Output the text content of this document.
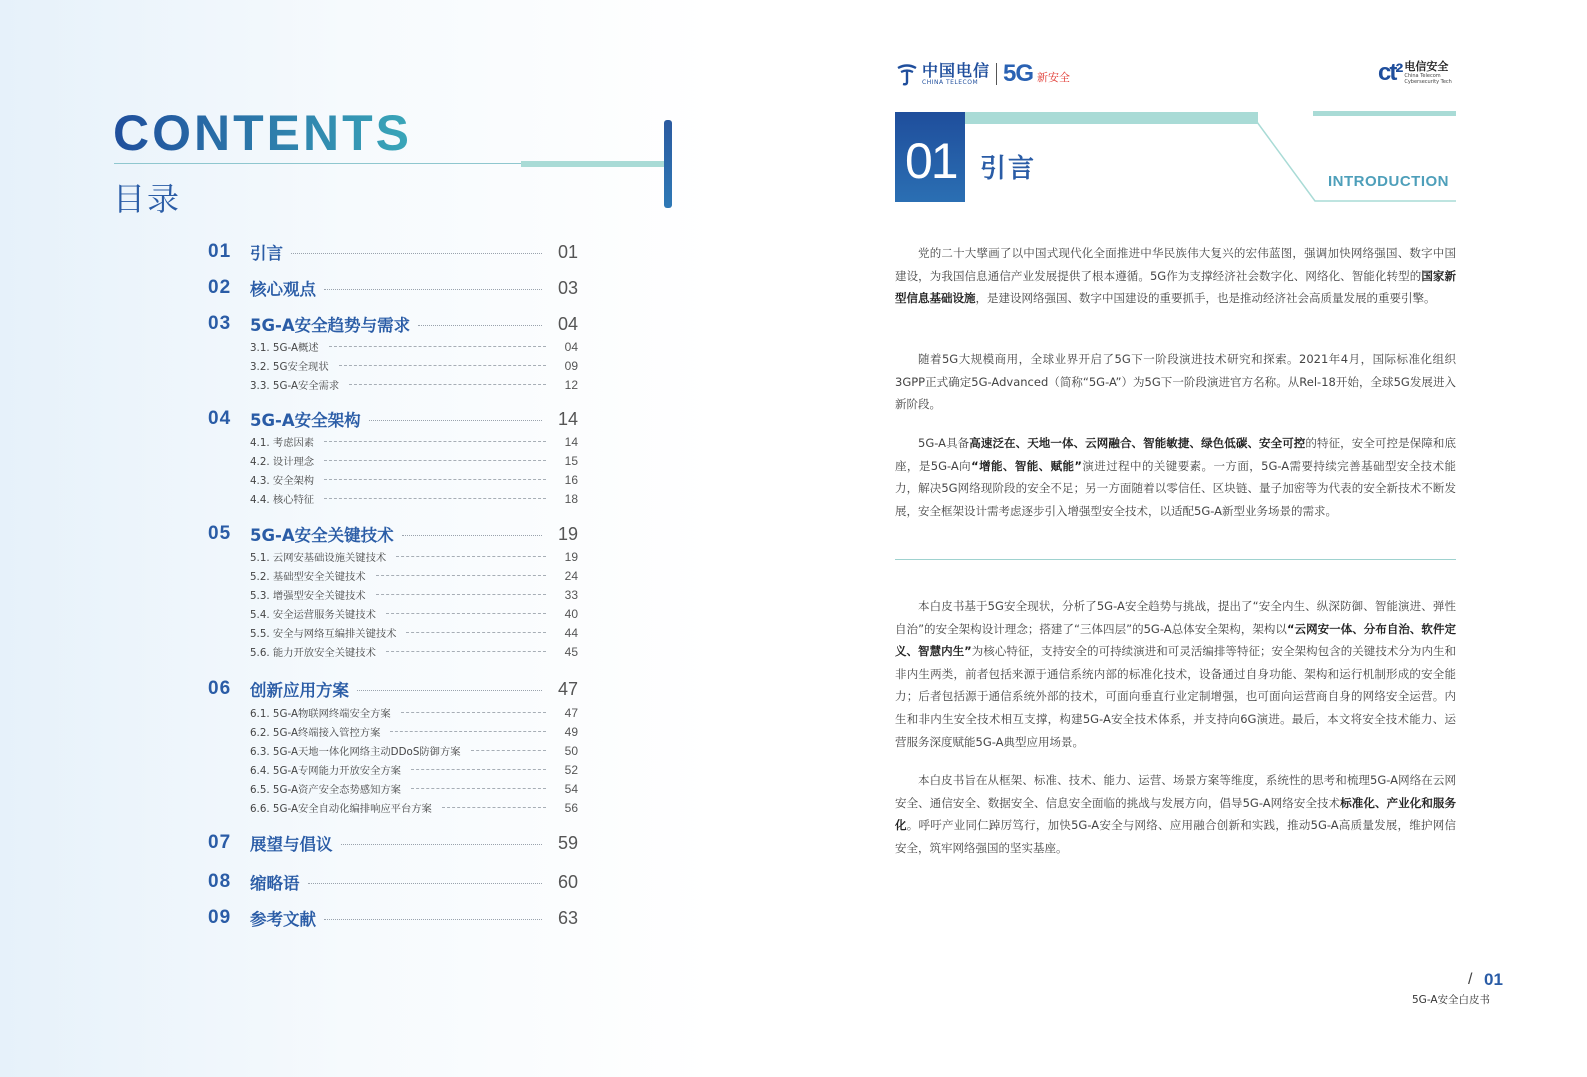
CONTENTS
目录
01	引言	01
02	核心观点	03
03	5G-A安全趋势与需求	04
3.1. 5G-A概述	04
3.2. 5G安全现状	09
3.3. 5G-A安全需求	12
04	5G-A安全架构	14
4.1. 考虑因素	14
4.2. 设计理念	15
4.3. 安全架构	16
4.4. 核心特征	18
05	5G-A安全关键技术	19
5.1. 云网安基础设施关键技术	19
5.2. 基础型安全关键技术	24
5.3. 增强型安全关键技术	33
5.4. 安全运营服务关键技术	40
5.5. 安全与网络互编排关键技术	44
5.6. 能力开放安全关键技术	45
06	创新应用方案	47
6.1. 5G-A物联网终端安全方案	47
6.2. 5G-A终端接入管控方案	49
6.3. 5G-A天地一体化网络主动DDoS防御方案	50
6.4. 5G-A专网能力开放安全方案	52
6.5. 5G-A资产安全态势感知方案	54
6.6. 5G-A安全自动化编排响应平台方案	56
07	展望与倡议	59
08	缩略语	60
09	参考文献	63
中国电信
CHINA TELECOM	5G 新安全	ct² 电信安全
China Telecom
Cybersecurity Tech
01 引言	INTRODUCTION
党的二十大擘画了以中国式现代化全面推进中华民族伟大复兴的宏伟蓝图，强调加快网络强国、数字中国建设，为我国信息通信产业发展提供了根本遵循。5G作为支撑经济社会数字化、网络化、智能化转型的国家新型信息基础设施，是建设网络强国、数字中国建设的重要抓手，也是推动经济社会高质量发展的重要引擎。
随着5G大规模商用，全球业界开启了5G下一阶段演进技术研究和探索。2021年4月，国际标准化组织3GPP正式确定5G-Advanced（简称“5G-A”）为5G下一阶段演进官方名称。从Rel-18开始，全球5G发展进入新阶段。
5G-A具备高速泛在、天地一体、云网融合、智能敏捷、绿色低碳、安全可控的特征，安全可控是保障和底座，是5G-A向“增能、智能、赋能”演进过程中的关键要素。一方面，5G-A需要持续完善基础型安全技术能力，解决5G网络现阶段的安全不足；另一方面随着以零信任、区块链、量子加密等为代表的安全新技术不断发展，安全框架设计需考虑逐步引入增强型安全技术，以适配5G-A新型业务场景的需求。
本白皮书基于5G安全现状，分析了5G-A安全趋势与挑战，提出了“安全内生、纵深防御、智能演进、弹性自治”的安全架构设计理念；搭建了“三体四层”的5G-A总体安全架构，架构以“云网安一体、分布自治、软件定义、智慧内生”为核心特征，支持安全的可持续演进和可灵活编排等特征；安全架构包含的关键技术分为内生和非内生两类，前者包括来源于通信系统内部的标准化技术，设备通过自身功能、架构和运行机制形成的安全能力；后者包括源于通信系统外部的技术，可面向垂直行业定制增强，也可面向运营商自身的网络安全运营。内生和非内生安全技术相互支撑，构建5G-A安全技术体系，并支持向6G演进。最后，本文将安全技术能力、运营服务深度赋能5G-A典型应用场景。
本白皮书旨在从框架、标准、技术、能力、运营、场景方案等维度，系统性的思考和梳理5G-A网络在云网安全、通信安全、数据安全、信息安全面临的挑战与发展方向，倡导5G-A网络安全技术标准化、产业化和服务化。呼吁产业同仁踔厉笃行，加快5G-A安全与网络、应用融合创新和实践，推动5G-A高质量发展，维护网信安全，筑牢网络强国的坚实基座。
/ 01
5G-A安全白皮书
